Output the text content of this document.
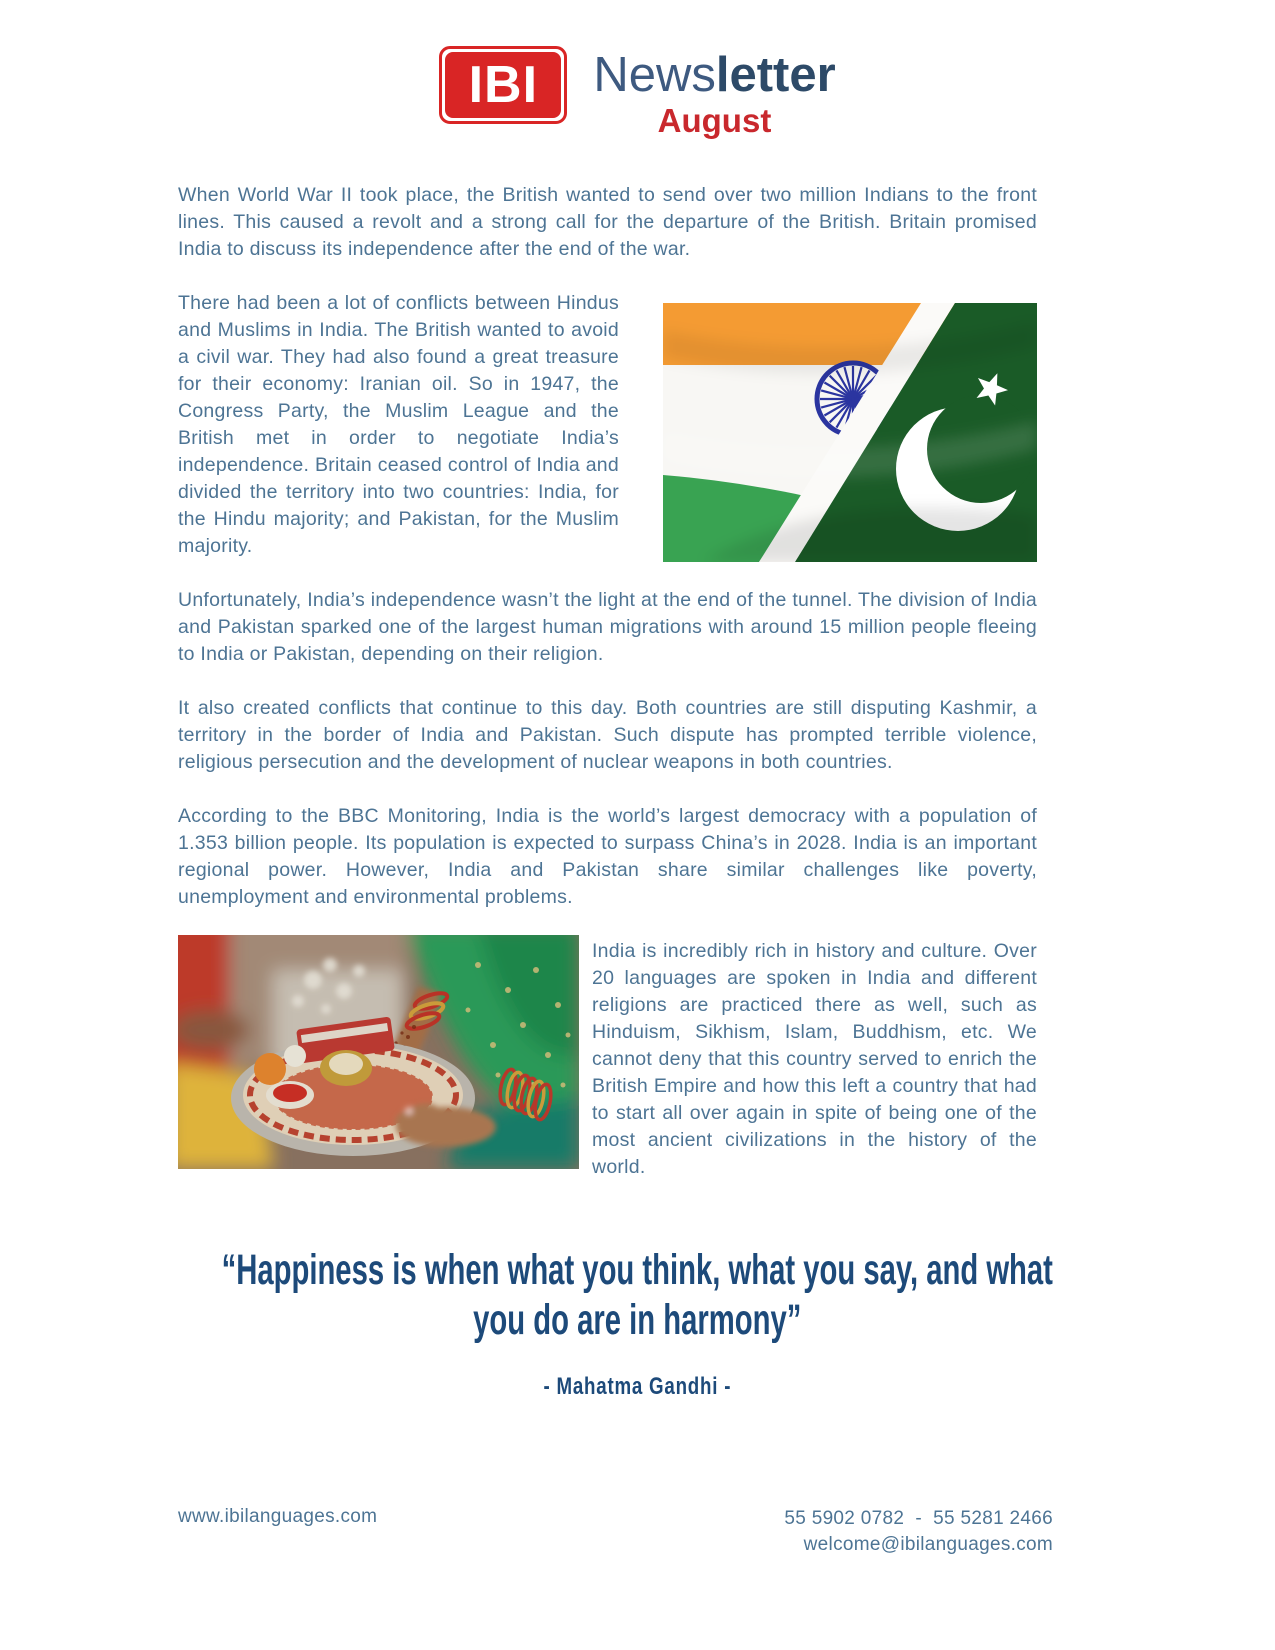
IBI Newsletter
August

When World War II took place, the British wanted to send over two million Indians to the front lines. This caused a revolt and a strong call for the departure of the British. Britain promised India to discuss its independence after the end of the war.

There had been a lot of conflicts between Hindus and Muslims in India. The British wanted to avoid a civil war. They had also found a great treasure for their economy: Iranian oil. So in 1947, the Congress Party, the Muslim League and the British met in order to negotiate India’s independence. Britain ceased control of India and divided the territory into two countries: India, for the Hindu majority; and Pakistan, for the Muslim majority.

Unfortunately, India’s independence wasn’t the light at the end of the tunnel. The division of India and Pakistan sparked one of the largest human migrations with around 15 million people fleeing to India or Pakistan, depending on their religion.

It also created conflicts that continue to this day. Both countries are still disputing Kashmir, a territory in the border of India and Pakistan. Such dispute has prompted terrible violence, religious persecution and the development of nuclear weapons in both countries.

According to the BBC Monitoring, India is the world’s largest democracy with a population of 1.353 billion people. Its population is expected to surpass China’s in 2028. India is an important regional power. However, India and Pakistan share similar challenges like poverty, unemployment and environmental problems.

India is incredibly rich in history and culture. Over 20 languages are spoken in India and different religions are practiced there as well, such as Hinduism, Sikhism, Islam, Buddhism, etc. We cannot deny that this country served to enrich the British Empire and how this left a country that had to start all over again in spite of being one of the most ancient civilizations in the history of the world.

“Happiness is when what you think, what you say, and what
you do are in harmony”
- Mahatma Gandhi -
www.ibilanguages.com	55 5902 0782  -  55 5281 2466
welcome@ibilanguages.com
